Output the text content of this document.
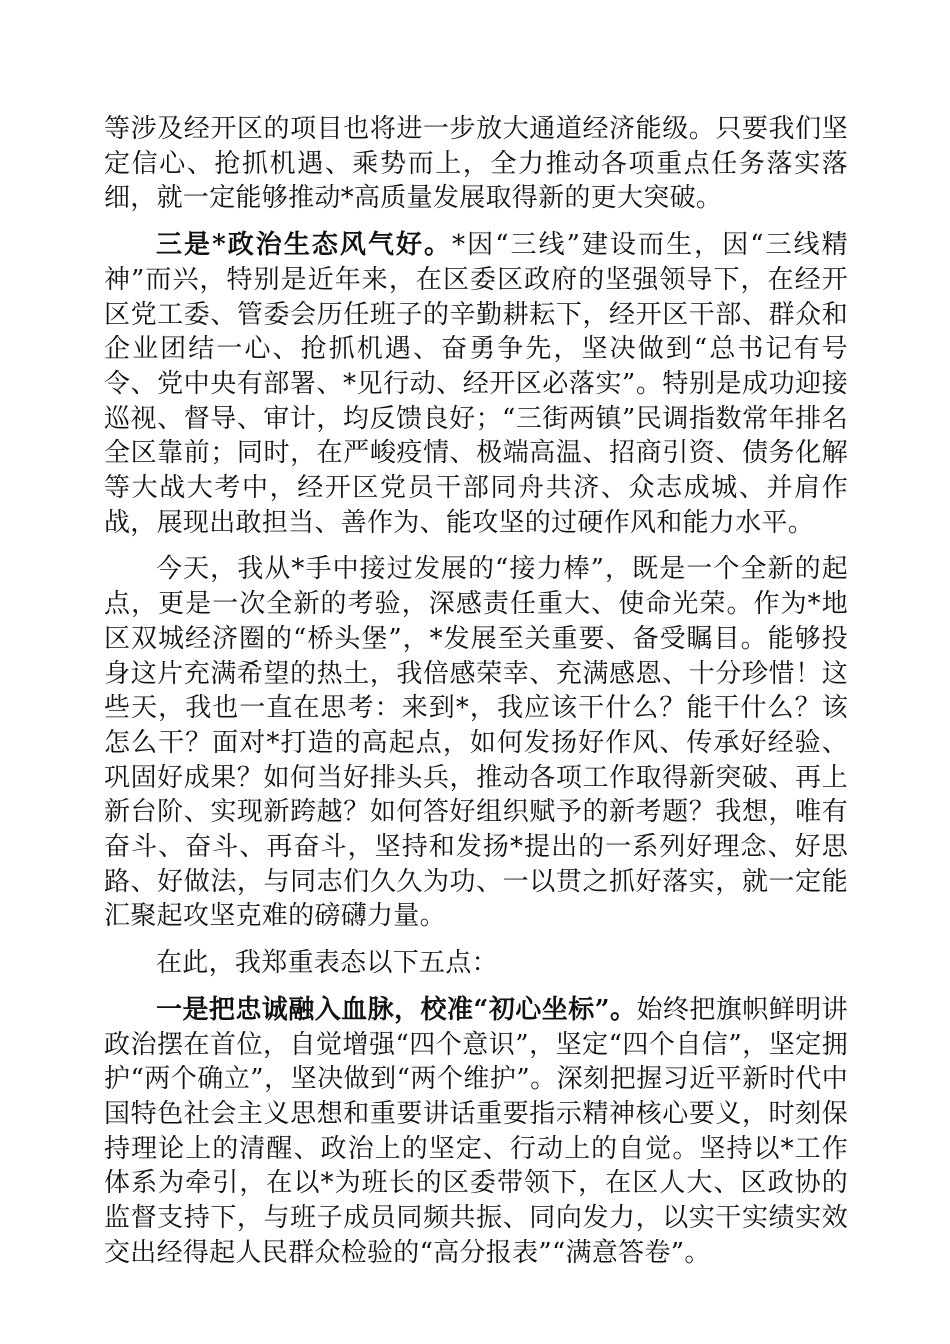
等涉及经开区的项目也将进一步放大通道经济能级。只要我们坚定信心、抢抓机遇、乘势而上，全力推动各项重点任务落实落细，就一定能够推动*高质量发展取得新的更大突破。

三是*政治生态风气好。*因“三线”建设而生，因“三线精神”而兴，特别是近年来，在区委区政府的坚强领导下，在经开区党工委、管委会历任班子的辛勤耕耘下，经开区干部、群众和企业团结一心、抢抓机遇、奋勇争先，坚决做到“总书记有号令、党中央有部署、*见行动、经开区必落实”。特别是成功迎接巡视、督导、审计，均反馈良好；“三街两镇”民调指数常年排名全区靠前；同时，在严峻疫情、极端高温、招商引资、债务化解等大战大考中，经开区党员干部同舟共济、众志成城、并肩作战，展现出敢担当、善作为、能攻坚的过硬作风和能力水平。

今天，我从*手中接过发展的“接力棒”，既是一个全新的起点，更是一次全新的考验，深感责任重大、使命光荣。作为*地区双城经济圈的“桥头堡”，*发展至关重要、备受瞩目。能够投身这片充满希望的热土，我倍感荣幸、充满感恩、十分珍惜！这些天，我也一直在思考：来到*，我应该干什么？能干什么？该怎么干？面对*打造的高起点，如何发扬好作风、传承好经验、巩固好成果？如何当好排头兵，推动各项工作取得新突破、再上新台阶、实现新跨越？如何答好组织赋予的新考题？我想，唯有奋斗、奋斗、再奋斗，坚持和发扬*提出的一系列好理念、好思路、好做法，与同志们久久为功、一以贯之抓好落实，就一定能汇聚起攻坚克难的磅礴力量。

在此，我郑重表态以下五点：

一是把忠诚融入血脉，校准“初心坐标”。始终把旗帜鲜明讲政治摆在首位，自觉增强“四个意识”，坚定“四个自信”，坚定拥护“两个确立”，坚决做到“两个维护”。深刻把握习近平新时代中国特色社会主义思想和重要讲话重要指示精神核心要义，时刻保持理论上的清醒、政治上的坚定、行动上的自觉。坚持以*工作体系为牵引，在以*为班长的区委带领下，在区人大、区政协的监督支持下，与班子成员同频共振、同向发力，以实干实绩实效交出经得起人民群众检验的“高分报表”“满意答卷”。
